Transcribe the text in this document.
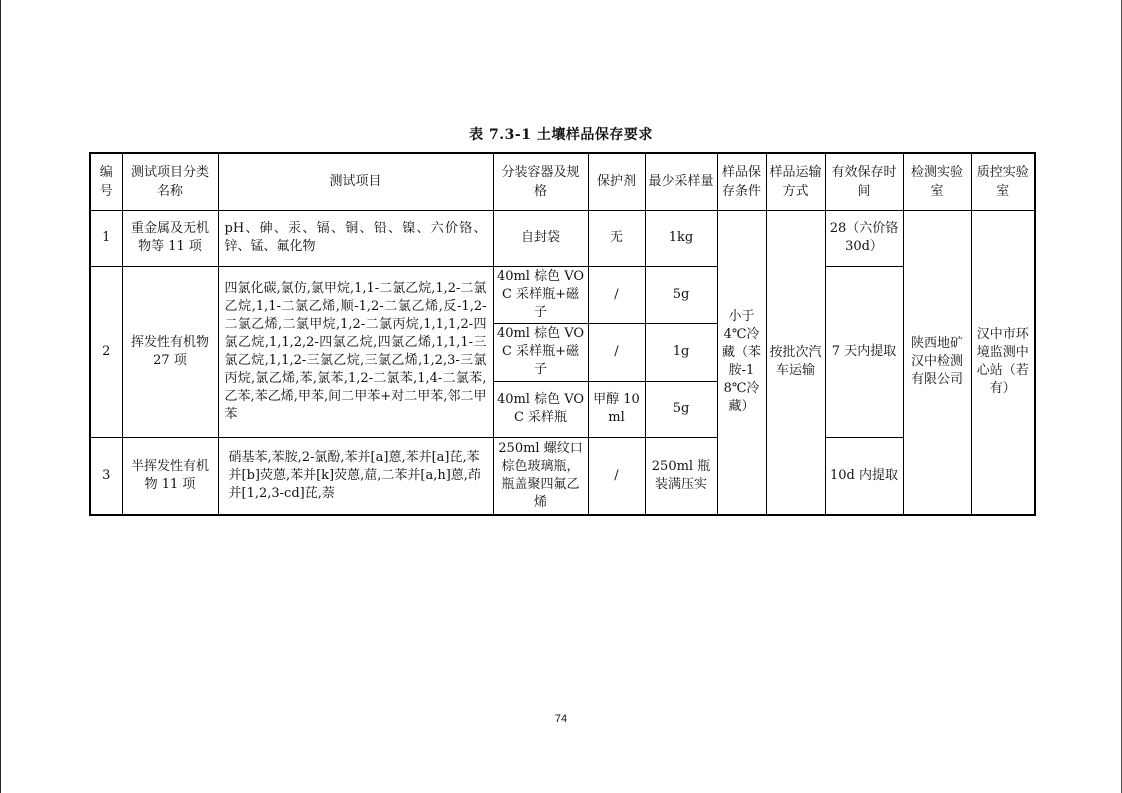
表 7.3-1 土壤样品保存要求
编号	测试项目分类名称	测试项目	分装容器及规格	保护剂	最少采样量	样品保存条件	样品运输方式	有效保存时间	检测实验室	质控实验室
1	重金属及无机物等 11 项	pH、砷、汞、镉、铜、铅、镍、六价铬、锌、锰、氟化物	自封袋	无	1kg	小于4℃冷藏（苯胺-18℃冷藏）	按批次汽车运输	28（六价铬 30d）	陕西地矿汉中检测有限公司	汉中市环境监测中心站（若有）
2	挥发性有机物 27 项	四氯化碳,氯仿,氯甲烷,1,1-二氯乙烷,1,2-二氯乙烷,1,1-二氯乙烯,顺-1,2-二氯乙烯,反-1,2-二氯乙烯,二氯甲烷,1,2-二氯丙烷,1,1,1,2-四氯乙烷,1,1,2,2-四氯乙烷,四氯乙烯,1,1,1-三氯乙烷,1,1,2-三氯乙烷,三氯乙烯,1,2,3-三氯丙烷,氯乙烯,苯,氯苯,1,2-二氯苯,1,4-二氯苯,乙苯,苯乙烯,甲苯,间二甲苯+对二甲苯,邻二甲苯	40ml 棕色 VOC 采样瓶+磁子	/	5g			7 天内提取		
			40ml 棕色 VOC 采样瓶+磁子	/	1g					
			40ml 棕色 VOC 采样瓶	甲醇 10ml	5g					
3	半挥发性有机物 11 项	硝基苯,苯胺,2-氯酚,苯并[a]蒽,苯并[a]芘,苯并[b]荧蒽,苯并[k]荧蒽,䓛,二苯并[a,h]蒽,茚并[1,2,3-cd]芘,萘	250ml 螺纹口棕色玻璃瓶，瓶盖聚四氟乙烯	/	250ml 瓶装满压实			10d 内提取		
74
